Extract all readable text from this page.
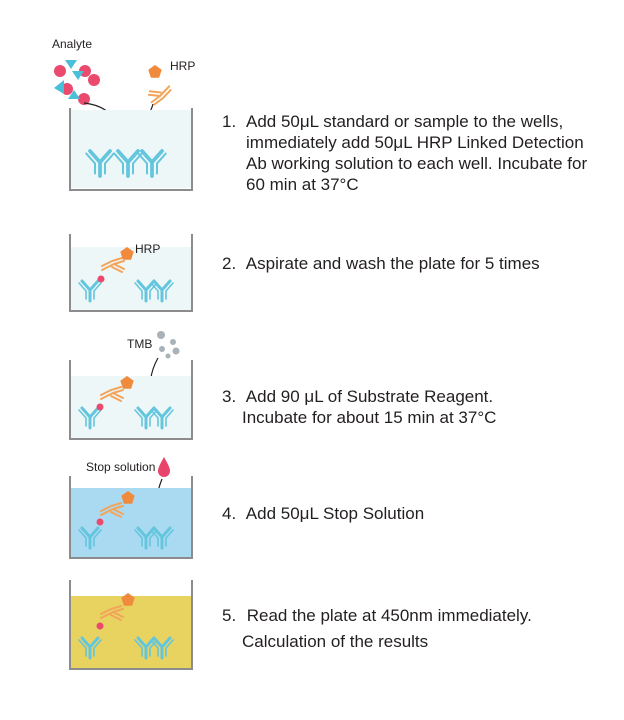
Analyte
HRP
HRP
TMB
Stop solution
1. Add 50μL standard or sample to the wells, immediately add 50μL HRP Linked Detection Ab working solution to each well. Incubate for 60 min at 37°C
2. Aspirate and wash the plate for 5 times
3. Add 90 μL of Substrate Reagent.
Incubate for about 15 min at 37°C
4. Add 50μL Stop Solution
5. Read the plate at 450nm immediately.
Calculation of the results
